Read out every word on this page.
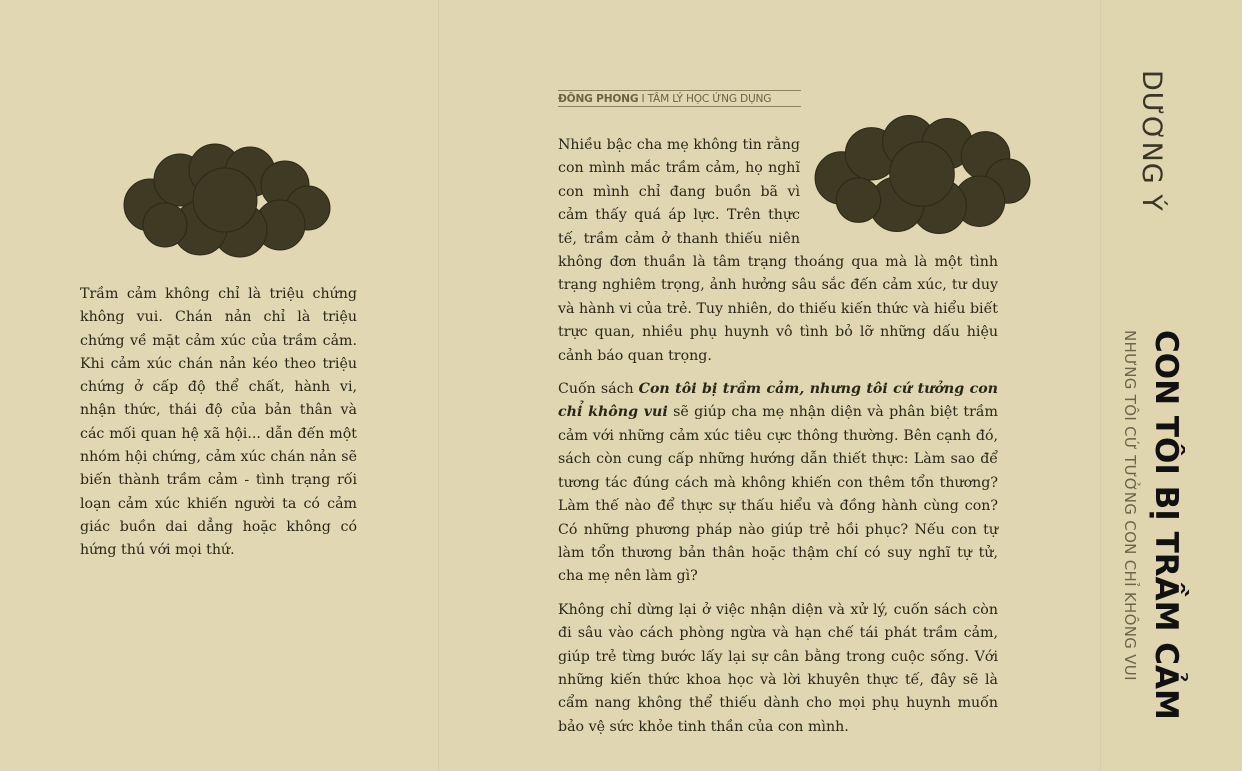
Trầm cảm không chỉ là triệu chứng không vui. Chán nản chỉ là triệu chứng về mặt cảm xúc của trầm cảm. Khi cảm xúc chán nản kéo theo triệu chứng ở cấp độ thể chất, hành vi, nhận thức, thái độ của bản thân và các mối quan hệ xã hội... dẫn đến một nhóm hội chứng, cảm xúc chán nản sẽ biến thành trầm cảm - tình trạng rối loạn cảm xúc khiến người ta có cảm giác buồn dai dẳng hoặc không có hứng thú với mọi thứ.

ĐÔNG PHONG I TÂM LÝ HỌC ỨNG DỤNG

Nhiều bậc cha mẹ không tin rằng con mình mắc trầm cảm, họ nghĩ con mình chỉ đang buồn bã vì cảm thấy quá áp lực. Trên thực tế, trầm cảm ở thanh thiếu niên không đơn thuần là tâm trạng thoáng qua mà là một tình trạng nghiêm trọng, ảnh hưởng sâu sắc đến cảm xúc, tư duy và hành vi của trẻ. Tuy nhiên, do thiếu kiến thức và hiểu biết trực quan, nhiều phụ huynh vô tình bỏ lỡ những dấu hiệu cảnh báo quan trọng.

Cuốn sách Con tôi bị trầm cảm, nhưng tôi cứ tưởng con chỉ không vui sẽ giúp cha mẹ nhận diện và phân biệt trầm cảm với những cảm xúc tiêu cực thông thường. Bên cạnh đó, sách còn cung cấp những hướng dẫn thiết thực: Làm sao để tương tác đúng cách mà không khiến con thêm tổn thương? Làm thế nào để thực sự thấu hiểu và đồng hành cùng con? Có những phương pháp nào giúp trẻ hồi phục? Nếu con tự làm tổn thương bản thân hoặc thậm chí có suy nghĩ tự tử, cha mẹ nên làm gì?

Không chỉ dừng lại ở việc nhận diện và xử lý, cuốn sách còn đi sâu vào cách phòng ngừa và hạn chế tái phát trầm cảm, giúp trẻ từng bước lấy lại sự cân bằng trong cuộc sống. Với những kiến thức khoa học và lời khuyên thực tế, đây sẽ là cẩm nang không thể thiếu dành cho mọi phụ huynh muốn bảo vệ sức khỏe tinh thần của con mình.

DƯƠNG Ý
CON TÔI BỊ TRẦM CẢM
NHƯNG TÔI CỨ TƯỞNG CON CHỈ KHÔNG VUI
